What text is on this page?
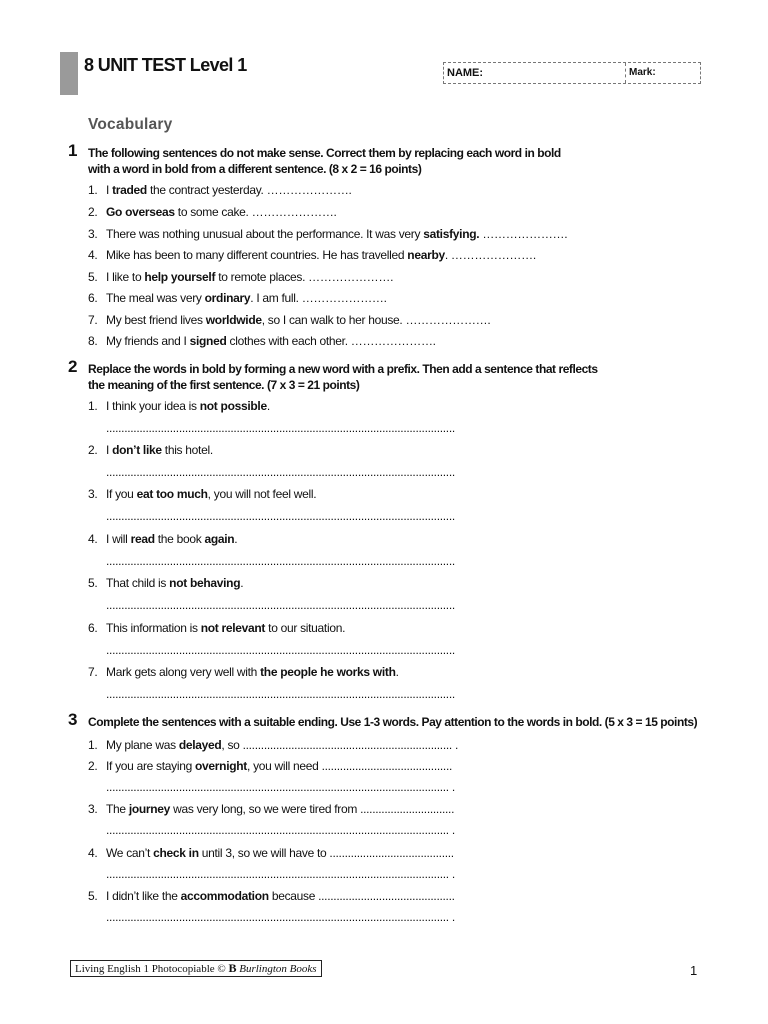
8 UNIT TEST Level 1	NAME:	Mark:
Vocabulary
1 The following sentences do not make sense. Correct them by replacing each word in bold
with a word in bold from a different sentence. (8 x 2 = 16 points)
1. I traded the contract yesterday. ………………….
2. Go overseas to some cake. ………………….
3. There was nothing unusual about the performance. It was very satisfying. ………………….
4. Mike has been to many different countries. He has travelled nearby. ………………….
5. I like to help yourself to remote places. ………………….
6. The meal was very ordinary. I am full. ………………….
7. My best friend lives worldwide, so I can walk to her house. ………………….
8. My friends and I signed clothes with each other. ………………….
2 Replace the words in bold by forming a new word with a prefix. Then add a sentence that reflects
the meaning of the first sentence. (7 x 3 = 21 points)
1. I think your idea is not possible.
...................................................................................................................
2. I don’t like this hotel.
...................................................................................................................
3. If you eat too much, you will not feel well.
...................................................................................................................
4. I will read the book again.
...................................................................................................................
5. That child is not behaving.
...................................................................................................................
6. This information is not relevant to our situation.
...................................................................................................................
7. Mark gets along very well with the people he works with.
...................................................................................................................
3 Complete the sentences with a suitable ending. Use 1-3 words. Pay attention to the words in bold. (5 x 3 = 15 points)
1. My plane was delayed, so ..................................................................... .
2. If you are staying overnight, you will need ...........................................
................................................................................................................. .
3. The journey was very long, so we were tired from ...............................
................................................................................................................. .
4. We can’t check in until 3, so we will have to .........................................
................................................................................................................. .
5. I didn’t like the accommodation because .............................................
................................................................................................................. .
Living English 1 Photocopiable © B Burlington Books	1
